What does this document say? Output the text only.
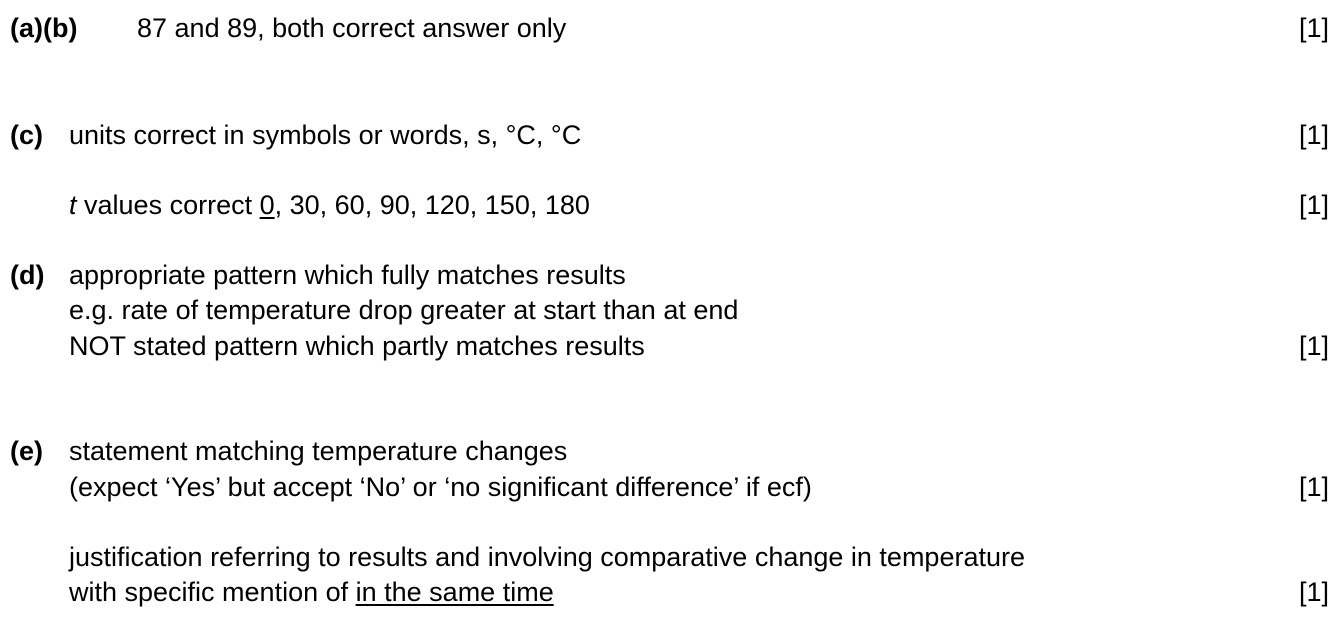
(a)(b) 87 and 89, both correct answer only	[1]
(c) units correct in symbols or words, s, °C, °C	[1]
t values correct 0, 30, 60, 90, 120, 150, 180	[1]
(d) appropriate pattern which fully matches results
e.g. rate of temperature drop greater at start than at end
NOT stated pattern which partly matches results	[1]
(e) statement matching temperature changes
(expect ‘Yes’ but accept ‘No’ or ‘no significant difference’ if ecf)	[1]
justification referring to results and involving comparative change in temperature
with specific mention of in the same time	[1]
